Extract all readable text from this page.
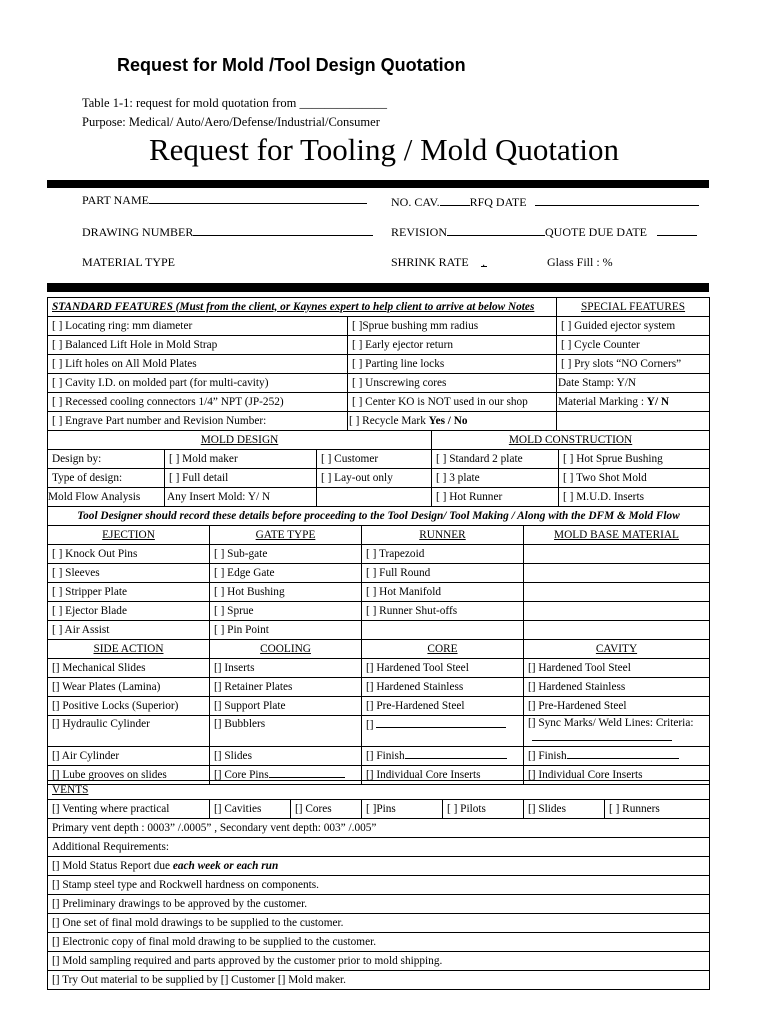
Request for Mold /Tool Design Quotation
Table 1-1: request for mold quotation from ______________
Purpose: Medical/ Auto/Aero/Defense/Industrial/Consumer
Request for Tooling / Mold Quotation
PART NAME	NO. CAV.	RFQ DATE
DRAWING NUMBER	REVISION	QUOTE DUE DATE
MATERIAL TYPE	SHRINK RATE .	Glass Fill : %
STANDARD FEATURES (Must from the client, or Kaynes expert to help client to arrive at below Notes		SPECIAL FEATURES
[ ] Locating ring: mm diameter	[ ]Sprue bushing mm radius	[ ] Guided ejector system
[ ] Balanced Lift Hole in Mold Strap	[ ] Early ejector return	[ ] Cycle Counter
[ ] Lift holes on All Mold Plates	[ ] Parting line locks	[ ] Pry slots “NO Corners”
[ ] Cavity I.D. on molded part (for multi-cavity)	[ ] Unscrewing cores	Date Stamp: Y/N
[ ] Recessed cooling connectors 1/4” NPT (JP-252)	[ ] Center KO is NOT used in our shop	Material Marking : Y/ N
[ ] Engrave Part number and Revision Number:	[ ] Recycle Mark Yes / No	
MOLD DESIGN			MOLD CONSTRUCTION	
Design by:	[ ] Mold maker	[ ] Customer	[ ] Standard 2 plate	[ ] Hot Sprue Bushing
Type of design:	[ ] Full detail	[ ] Lay-out only	[ ] 3 plate	[ ] Two Shot Mold
Mold Flow Analysis	Any Insert Mold: Y/ N		[ ] Hot Runner	[ ] M.U.D. Inserts
Tool Designer should record these details before proceeding to the Tool Design/ Tool Making / Along with the DFM & Mold Flow			
EJECTION	GATE TYPE	RUNNER	MOLD BASE MATERIAL
[ ] Knock Out Pins	[ ] Sub-gate	[ ] Trapezoid	
[ ] Sleeves	[ ] Edge Gate	[ ] Full Round	
[ ] Stripper Plate	[ ] Hot Bushing	[ ] Hot Manifold	
[ ] Ejector Blade	[ ] Sprue	[ ] Runner Shut-offs	
[ ] Air Assist	[ ] Pin Point		
SIDE ACTION	COOLING	CORE	CAVITY
[] Mechanical Slides	[] Inserts	[] Hardened Tool Steel	[] Hardened Tool Steel
[] Wear Plates (Lamina)	[] Retainer Plates	[] Hardened Stainless	[] Hardened Stainless
[] Positive Locks (Superior)	[] Support Plate	[] Pre-Hardened Steel	[] Pre-Hardened Steel
[] Hydraulic Cylinder	[] Bubblers	[]	[] Sync Marks/ Weld Lines: Criteria:

[] Air Cylinder	[] Slides	[] Finish	[] Finish
[] Lube grooves on slides	[] Core Pins	[] Individual Core Inserts	[] Individual Core Inserts
VENTS
[] Venting where practical	[] Cavities	[] Cores	[ ]Pins	[ ] Pilots	[] Slides	[ ] Runners
Primary vent depth : 0003” /.0005” , Secondary vent depth: 003” /.005”
Additional Requirements:
[] Mold Status Report due each week or each run
[] Stamp steel type and Rockwell hardness on components.
[] Preliminary drawings to be approved by the customer.
[] One set of final mold drawings to be supplied to the customer.
[] Electronic copy of final mold drawing to be supplied to the customer.
[] Mold sampling required and parts approved by the customer prior to mold shipping.
[] Try Out material to be supplied by [] Customer [] Mold maker.
